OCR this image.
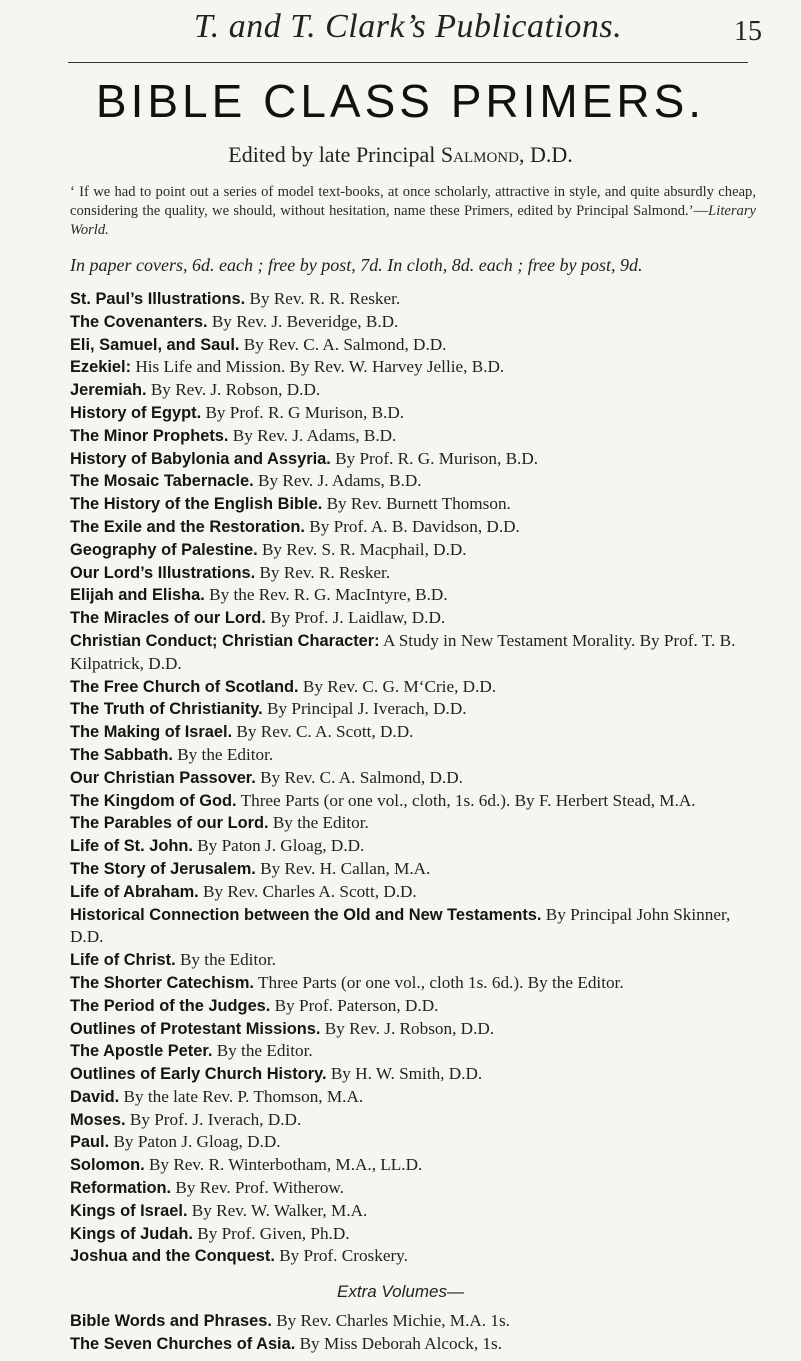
T. and T. Clark’s Publications.	15
BIBLE CLASS PRIMERS.
Edited by late Principal Salmond, D.D.
‘ If we had to point out a series of model text-books, at once scholarly, attractive in style, and quite absurdly cheap, considering the quality, we should, without hesitation, name these Primers, edited by Principal Salmond.’—Literary World.
In paper covers, 6d. each ; free by post, 7d. In cloth, 8d. each ; free by post, 9d.
St. Paul’s Illustrations. By Rev. R. R. Resker.
The Covenanters. By Rev. J. Beveridge, B.D.
Eli, Samuel, and Saul. By Rev. C. A. Salmond, D.D.
Ezekiel: His Life and Mission. By Rev. W. Harvey Jellie, B.D.
Jeremiah. By Rev. J. Robson, D.D.
History of Egypt. By Prof. R. G Murison, B.D.
The Minor Prophets. By Rev. J. Adams, B.D.
History of Babylonia and Assyria. By Prof. R. G. Murison, B.D.
The Mosaic Tabernacle. By Rev. J. Adams, B.D.
The History of the English Bible. By Rev. Burnett Thomson.
The Exile and the Restoration. By Prof. A. B. Davidson, D.D.
Geography of Palestine. By Rev. S. R. Macphail, D.D.
Our Lord’s Illustrations. By Rev. R. Resker.
Elijah and Elisha. By the Rev. R. G. MacIntyre, B.D.
The Miracles of our Lord. By Prof. J. Laidlaw, D.D.
Christian Conduct; Christian Character: A Study in New Testament Morality. By Prof. T. B. Kilpatrick, D.D.
The Free Church of Scotland. By Rev. C. G. M‘Crie, D.D.
The Truth of Christianity. By Principal J. Iverach, D.D.
The Making of Israel. By Rev. C. A. Scott, D.D.
The Sabbath. By the Editor.
Our Christian Passover. By Rev. C. A. Salmond, D.D.
The Kingdom of God. Three Parts (or one vol., cloth, 1s. 6d.). By F. Herbert Stead, M.A.
The Parables of our Lord. By the Editor.
Life of St. John. By Paton J. Gloag, D.D.
The Story of Jerusalem. By Rev. H. Callan, M.A.
Life of Abraham. By Rev. Charles A. Scott, D.D.
Historical Connection between the Old and New Testaments. By Principal John Skinner, D.D.
Life of Christ. By the Editor.
The Shorter Catechism. Three Parts (or one vol., cloth 1s. 6d.). By the Editor.
The Period of the Judges. By Prof. Paterson, D.D.
Outlines of Protestant Missions. By Rev. J. Robson, D.D.
The Apostle Peter. By the Editor.
Outlines of Early Church History. By H. W. Smith, D.D.
David. By the late Rev. P. Thomson, M.A.
Moses. By Prof. J. Iverach, D.D.
Paul. By Paton J. Gloag, D.D.
Solomon. By Rev. R. Winterbotham, M.A., LL.D.
Reformation. By Rev. Prof. Witherow.
Kings of Israel. By Rev. W. Walker, M.A.
Kings of Judah. By Prof. Given, Ph.D.
Joshua and the Conquest. By Prof. Croskery.
Extra Volumes—
Bible Words and Phrases. By Rev. Charles Michie, M.A. 1s.
The Seven Churches of Asia. By Miss Deborah Alcock, 1s.
